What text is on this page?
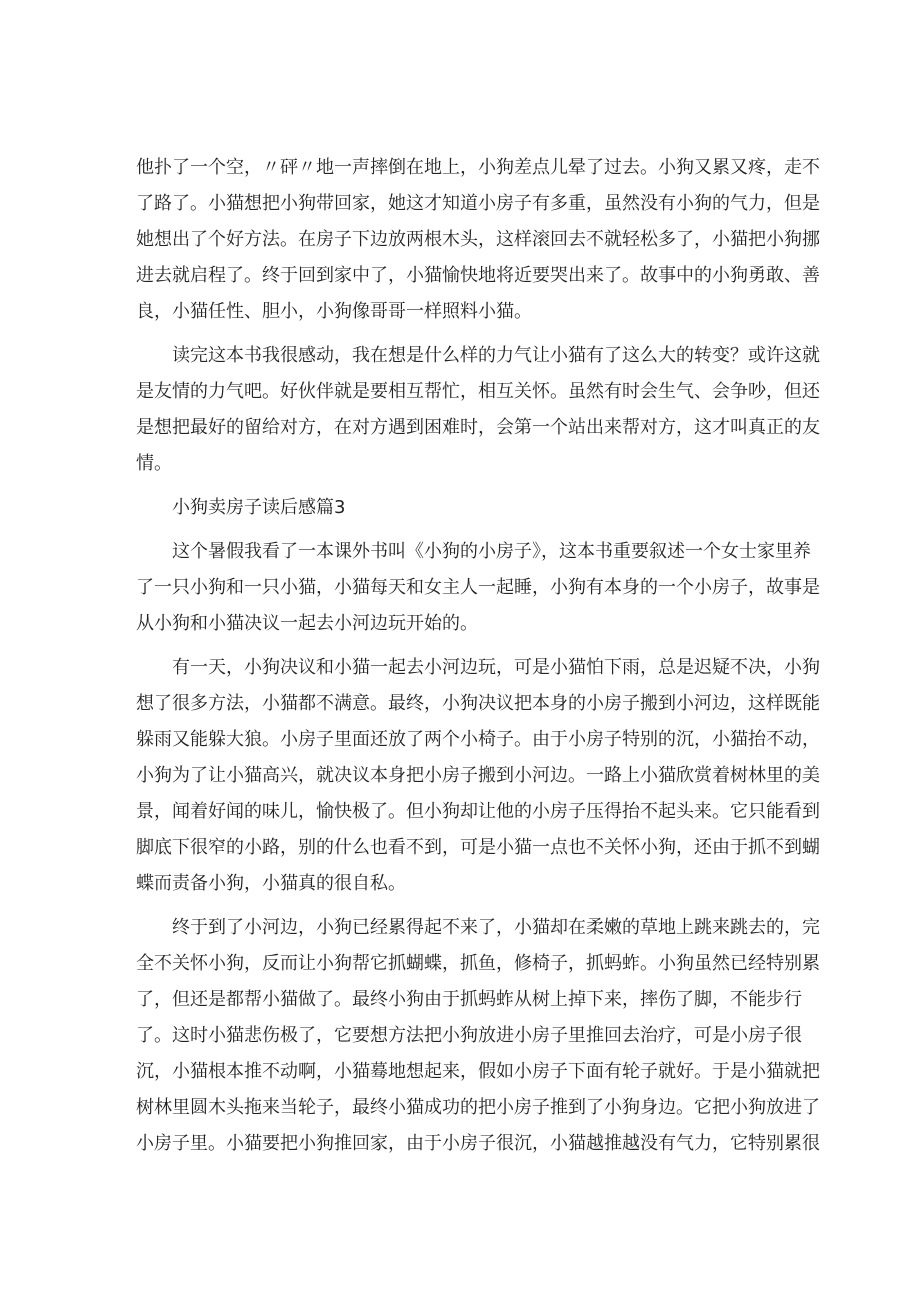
他扑了一个空，〃砰〃地一声摔倒在地上，小狗差点儿晕了过去。小狗又累又疼，走不
了路了。小猫想把小狗带回家，她这才知道小房子有多重，虽然没有小狗的气力，但是
她想出了个好方法。在房子下边放两根木头，这样滚回去不就轻松多了，小猫把小狗挪
进去就启程了。终于回到家中了，小猫愉快地将近要哭出来了。故事中的小狗勇敢、善
良，小猫任性、胆小，小狗像哥哥一样照料小猫。
　　读完这本书我很感动，我在想是什么样的力气让小猫有了这么大的转变？或许这就
是友情的力气吧。好伙伴就是要相互帮忙，相互关怀。虽然有时会生气、会争吵，但还
是想把最好的留给对方，在对方遇到困难时，会第一个站出来帮对方，这才叫真正的友
情。
小狗卖房子读后感篇3
　　这个暑假我看了一本课外书叫《小狗的小房子》，这本书重要叙述一个女士家里养
了一只小狗和一只小猫，小猫每天和女主人一起睡，小狗有本身的一个小房子，故事是
从小狗和小猫决议一起去小河边玩开始的。
　　有一天，小狗决议和小猫一起去小河边玩，可是小猫怕下雨，总是迟疑不决，小狗
想了很多方法，小猫都不满意。最终，小狗决议把本身的小房子搬到小河边，这样既能
躲雨又能躲大狼。小房子里面还放了两个小椅子。由于小房子特别的沉，小猫抬不动，
小狗为了让小猫高兴，就决议本身把小房子搬到小河边。一路上小猫欣赏着树林里的美
景，闻着好闻的味儿，愉快极了。但小狗却让他的小房子压得抬不起头来。它只能看到
脚底下很窄的小路，别的什么也看不到，可是小猫一点也不关怀小狗，还由于抓不到蝴
蝶而责备小狗，小猫真的很自私。
　　终于到了小河边，小狗已经累得起不来了，小猫却在柔嫩的草地上跳来跳去的，完
全不关怀小狗，反而让小狗帮它抓蝴蝶，抓鱼，修椅子，抓蚂蚱。小狗虽然已经特别累
了，但还是都帮小猫做了。最终小狗由于抓蚂蚱从树上掉下来，摔伤了脚，不能步行
了。这时小猫悲伤极了，它要想方法把小狗放进小房子里推回去治疗，可是小房子很
沉，小猫根本推不动啊，小猫蓦地想起来，假如小房子下面有轮子就好。于是小猫就把
树林里圆木头拖来当轮子，最终小猫成功的把小房子推到了小狗身边。它把小狗放进了
小房子里。小猫要把小狗推回家，由于小房子很沉，小猫越推越没有气力，它特别累很
